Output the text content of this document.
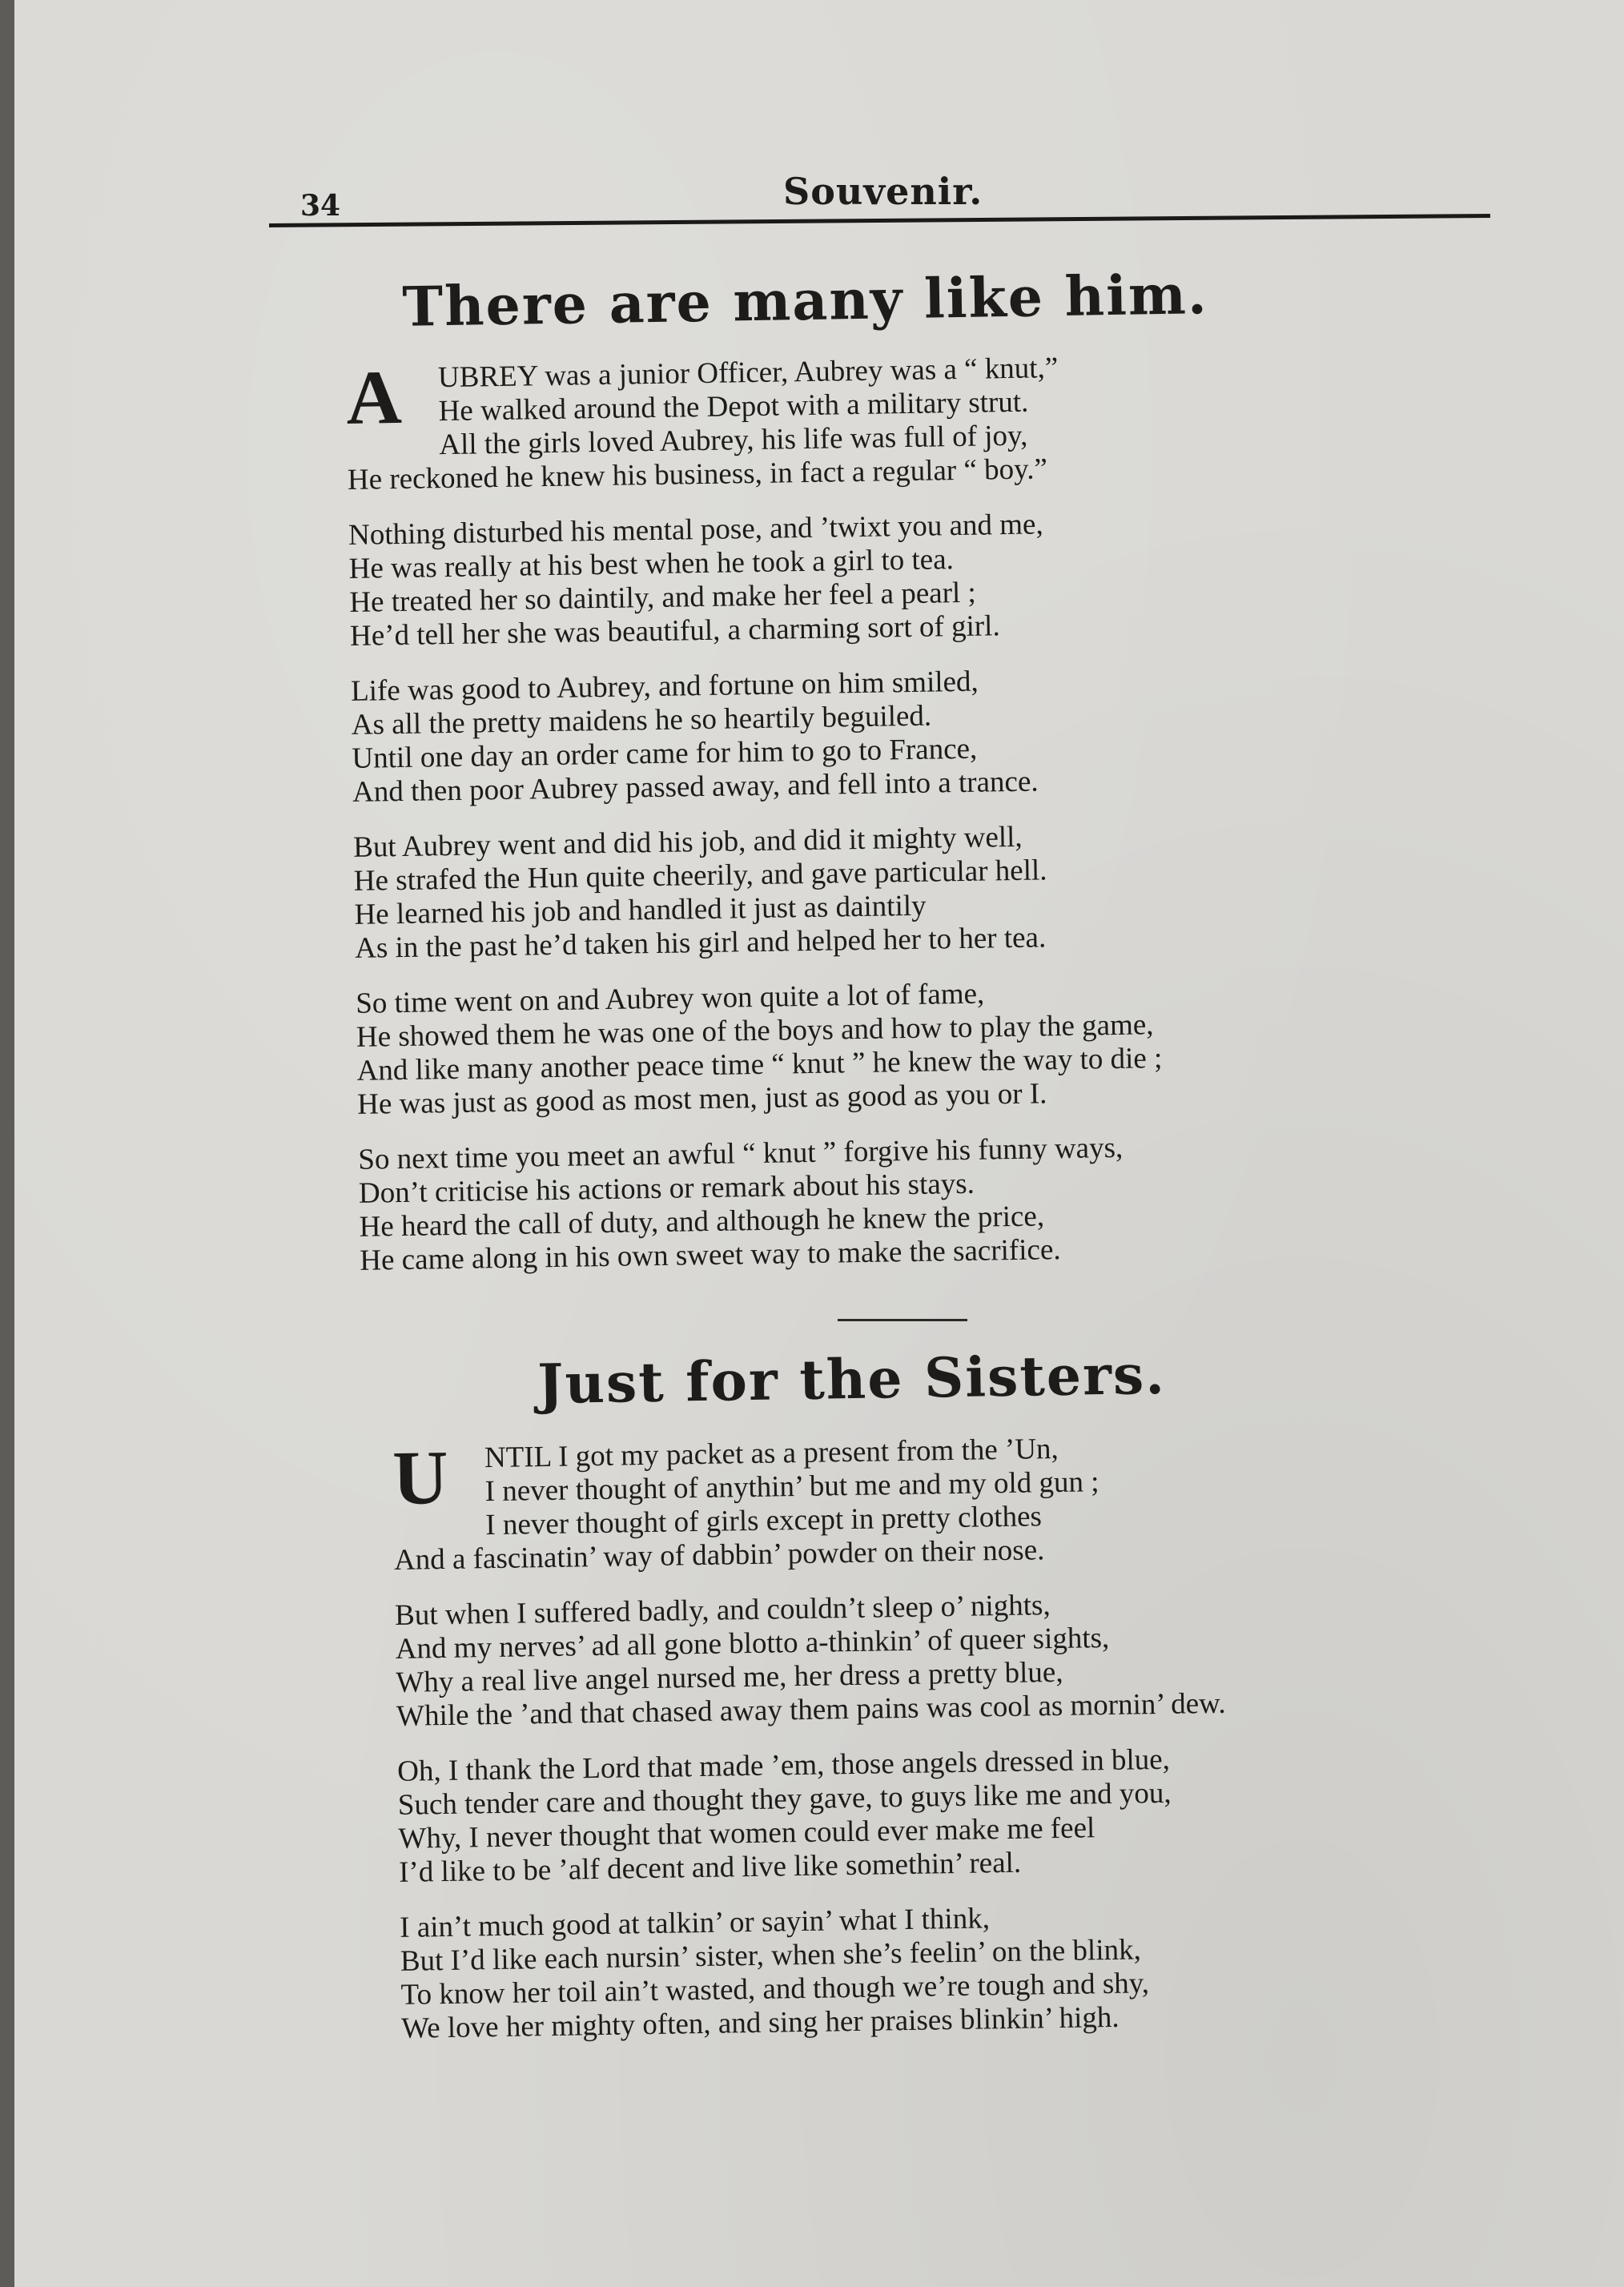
34	Souvenir.
There are many like him.
A UBREY was a junior Officer, Aubrey was a “ knut,”
He walked around the Depot with a military strut.
All the girls loved Aubrey, his life was full of joy,
He reckoned he knew his business, in fact a regular “ boy.”
Nothing disturbed his mental pose, and ’twixt you and me,
He was really at his best when he took a girl to tea.
He treated her so daintily, and make her feel a pearl ;
He’d tell her she was beautiful, a charming sort of girl.
Life was good to Aubrey, and fortune on him smiled,
As all the pretty maidens he so heartily beguiled.
Until one day an order came for him to go to France,
And then poor Aubrey passed away, and fell into a trance.
But Aubrey went and did his job, and did it mighty well,
He strafed the Hun quite cheerily, and gave particular hell.
He learned his job and handled it just as daintily
As in the past he’d taken his girl and helped her to her tea.
So time went on and Aubrey won quite a lot of fame,
He showed them he was one of the boys and how to play the game,
And like many another peace time “ knut ” he knew the way to die ;
He was just as good as most men, just as good as you or I.
So next time you meet an awful “ knut ” forgive his funny ways,
Don’t criticise his actions or remark about his stays.
He heard the call of duty, and although he knew the price,
He came along in his own sweet way to make the sacrifice.
Just for the Sisters.
U NTIL I got my packet as a present from the ’Un,
I never thought of anythin’ but me and my old gun ;
I never thought of girls except in pretty clothes
And a fascinatin’ way of dabbin’ powder on their nose.
But when I suffered badly, and couldn’t sleep o’ nights,
And my nerves’ ad all gone blotto a-thinkin’ of queer sights,
Why a real live angel nursed me, her dress a pretty blue,
While the ’and that chased away them pains was cool as mornin’ dew.
Oh, I thank the Lord that made ’em, those angels dressed in blue,
Such tender care and thought they gave, to guys like me and you,
Why, I never thought that women could ever make me feel
I’d like to be ’alf decent and live like somethin’ real.
I ain’t much good at talkin’ or sayin’ what I think,
But I’d like each nursin’ sister, when she’s feelin’ on the blink,
To know her toil ain’t wasted, and though we’re tough and shy,
We love her mighty often, and sing her praises blinkin’ high.
